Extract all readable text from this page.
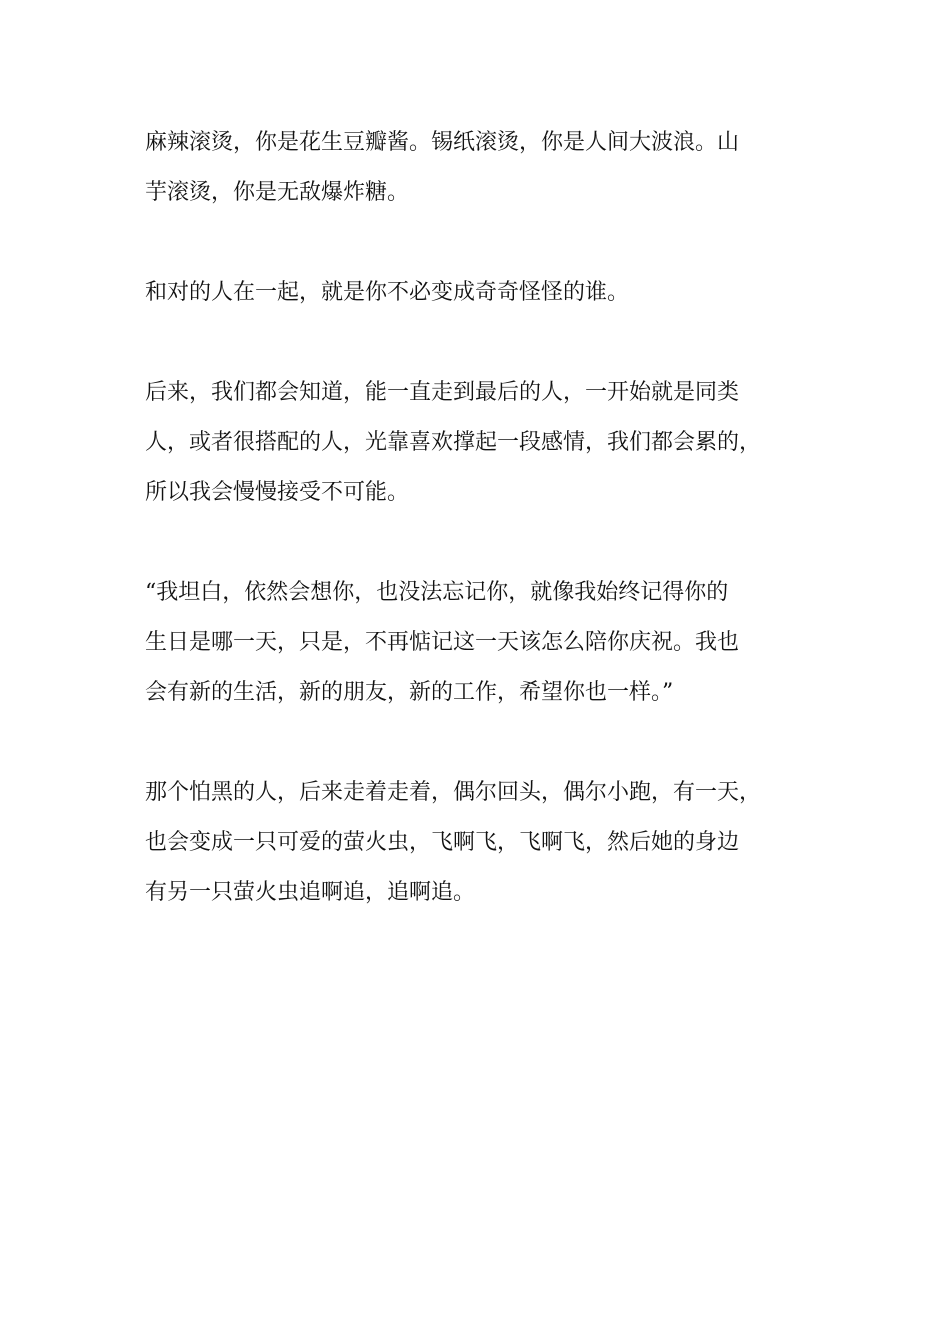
麻辣滚烫，你是花生豆瓣酱。锡纸滚烫，你是人间大波浪。山
芋滚烫，你是无敌爆炸糖。

和对的人在一起，就是你不必变成奇奇怪怪的谁。

后来，我们都会知道，能一直走到最后的人，一开始就是同类
人，或者很搭配的人，光靠喜欢撑起一段感情，我们都会累的，
所以我会慢慢接受不可能。

“我坦白，依然会想你，也没法忘记你，就像我始终记得你的
生日是哪一天，只是，不再惦记这一天该怎么陪你庆祝。我也
会有新的生活，新的朋友，新的工作，希望你也一样。”

那个怕黑的人，后来走着走着，偶尔回头，偶尔小跑，有一天，
也会变成一只可爱的萤火虫，飞啊飞，飞啊飞，然后她的身边
有另一只萤火虫追啊追，追啊追。
